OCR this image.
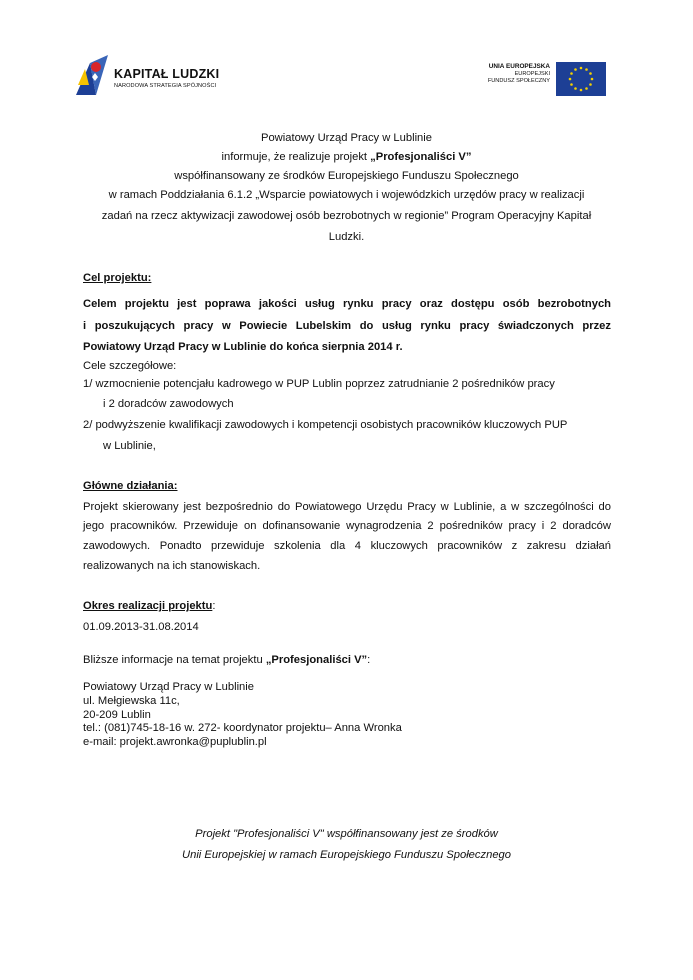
KAPITAŁ LUDZKI
NARODOWA STRATEGIA SPÓJNOŚCI
UNIA EUROPEJSKA
EUROPEJSKI
FUNDUSZ SPOŁECZNY
Powiatowy Urząd Pracy w Lublinie
informuje, że realizuje projekt „Profesjonaliści V”
współfinansowany ze środków Europejskiego Funduszu Społecznego
w ramach Poddziałania 6.1.2 „Wsparcie powiatowych i wojewódzkich urzędów pracy w realizacji
zadań na rzecz aktywizacji zawodowej osób bezrobotnych w regionie” Program Operacyjny Kapitał
Ludzki.
Cel projektu:
Celem projektu jest poprawa jakości usług rynku pracy oraz dostępu osób bezrobotnych
i poszukujących pracy w Powiecie Lubelskim do usług rynku pracy świadczonych przez
Powiatowy Urząd Pracy w Lublinie do końca sierpnia 2014 r.
Cele szczegółowe:
1/ wzmocnienie potencjału kadrowego w PUP Lublin poprzez zatrudnianie 2 pośredników pracy
i 2 doradców zawodowych
2/ podwyższenie kwalifikacji zawodowych i kompetencji osobistych pracowników kluczowych PUP
w Lublinie,
Główne działania:
Projekt skierowany jest bezpośrednio do Powiatowego Urzędu Pracy w Lublinie, a w szczególności do
jego pracowników. Przewiduje on dofinansowanie wynagrodzenia 2 pośredników pracy i 2 doradców
zawodowych. Ponadto przewiduje szkolenia dla 4 kluczowych pracowników z zakresu działań
realizowanych na ich stanowiskach.
Okres realizacji projektu:
01.09.2013-31.08.2014
Bliższe informacje na temat projektu „Profesjonaliści V”:
Powiatowy Urząd Pracy w Lublinie
ul. Mełgiewska 11c,
20-209 Lublin
tel.: (081)745-18-16 w. 272- koordynator projektu– Anna Wronka
e-mail: projekt.awronka@puplublin.pl
Projekt "Profesjonaliści V" współfinansowany jest ze środków
Unii Europejskiej w ramach Europejskiego Funduszu Społecznego
